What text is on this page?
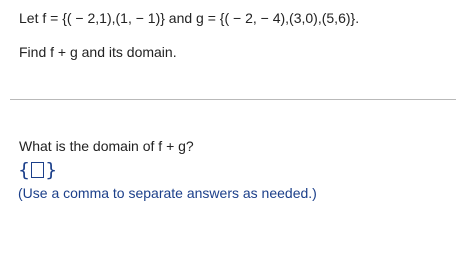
Let f = {( − 2,1),(1, − 1)} and g = {( − 2, − 4),(3,0),(5,6)}.
Find f + g and its domain.
What is the domain of f + g?
{ }
(Use a comma to separate answers as needed.)
